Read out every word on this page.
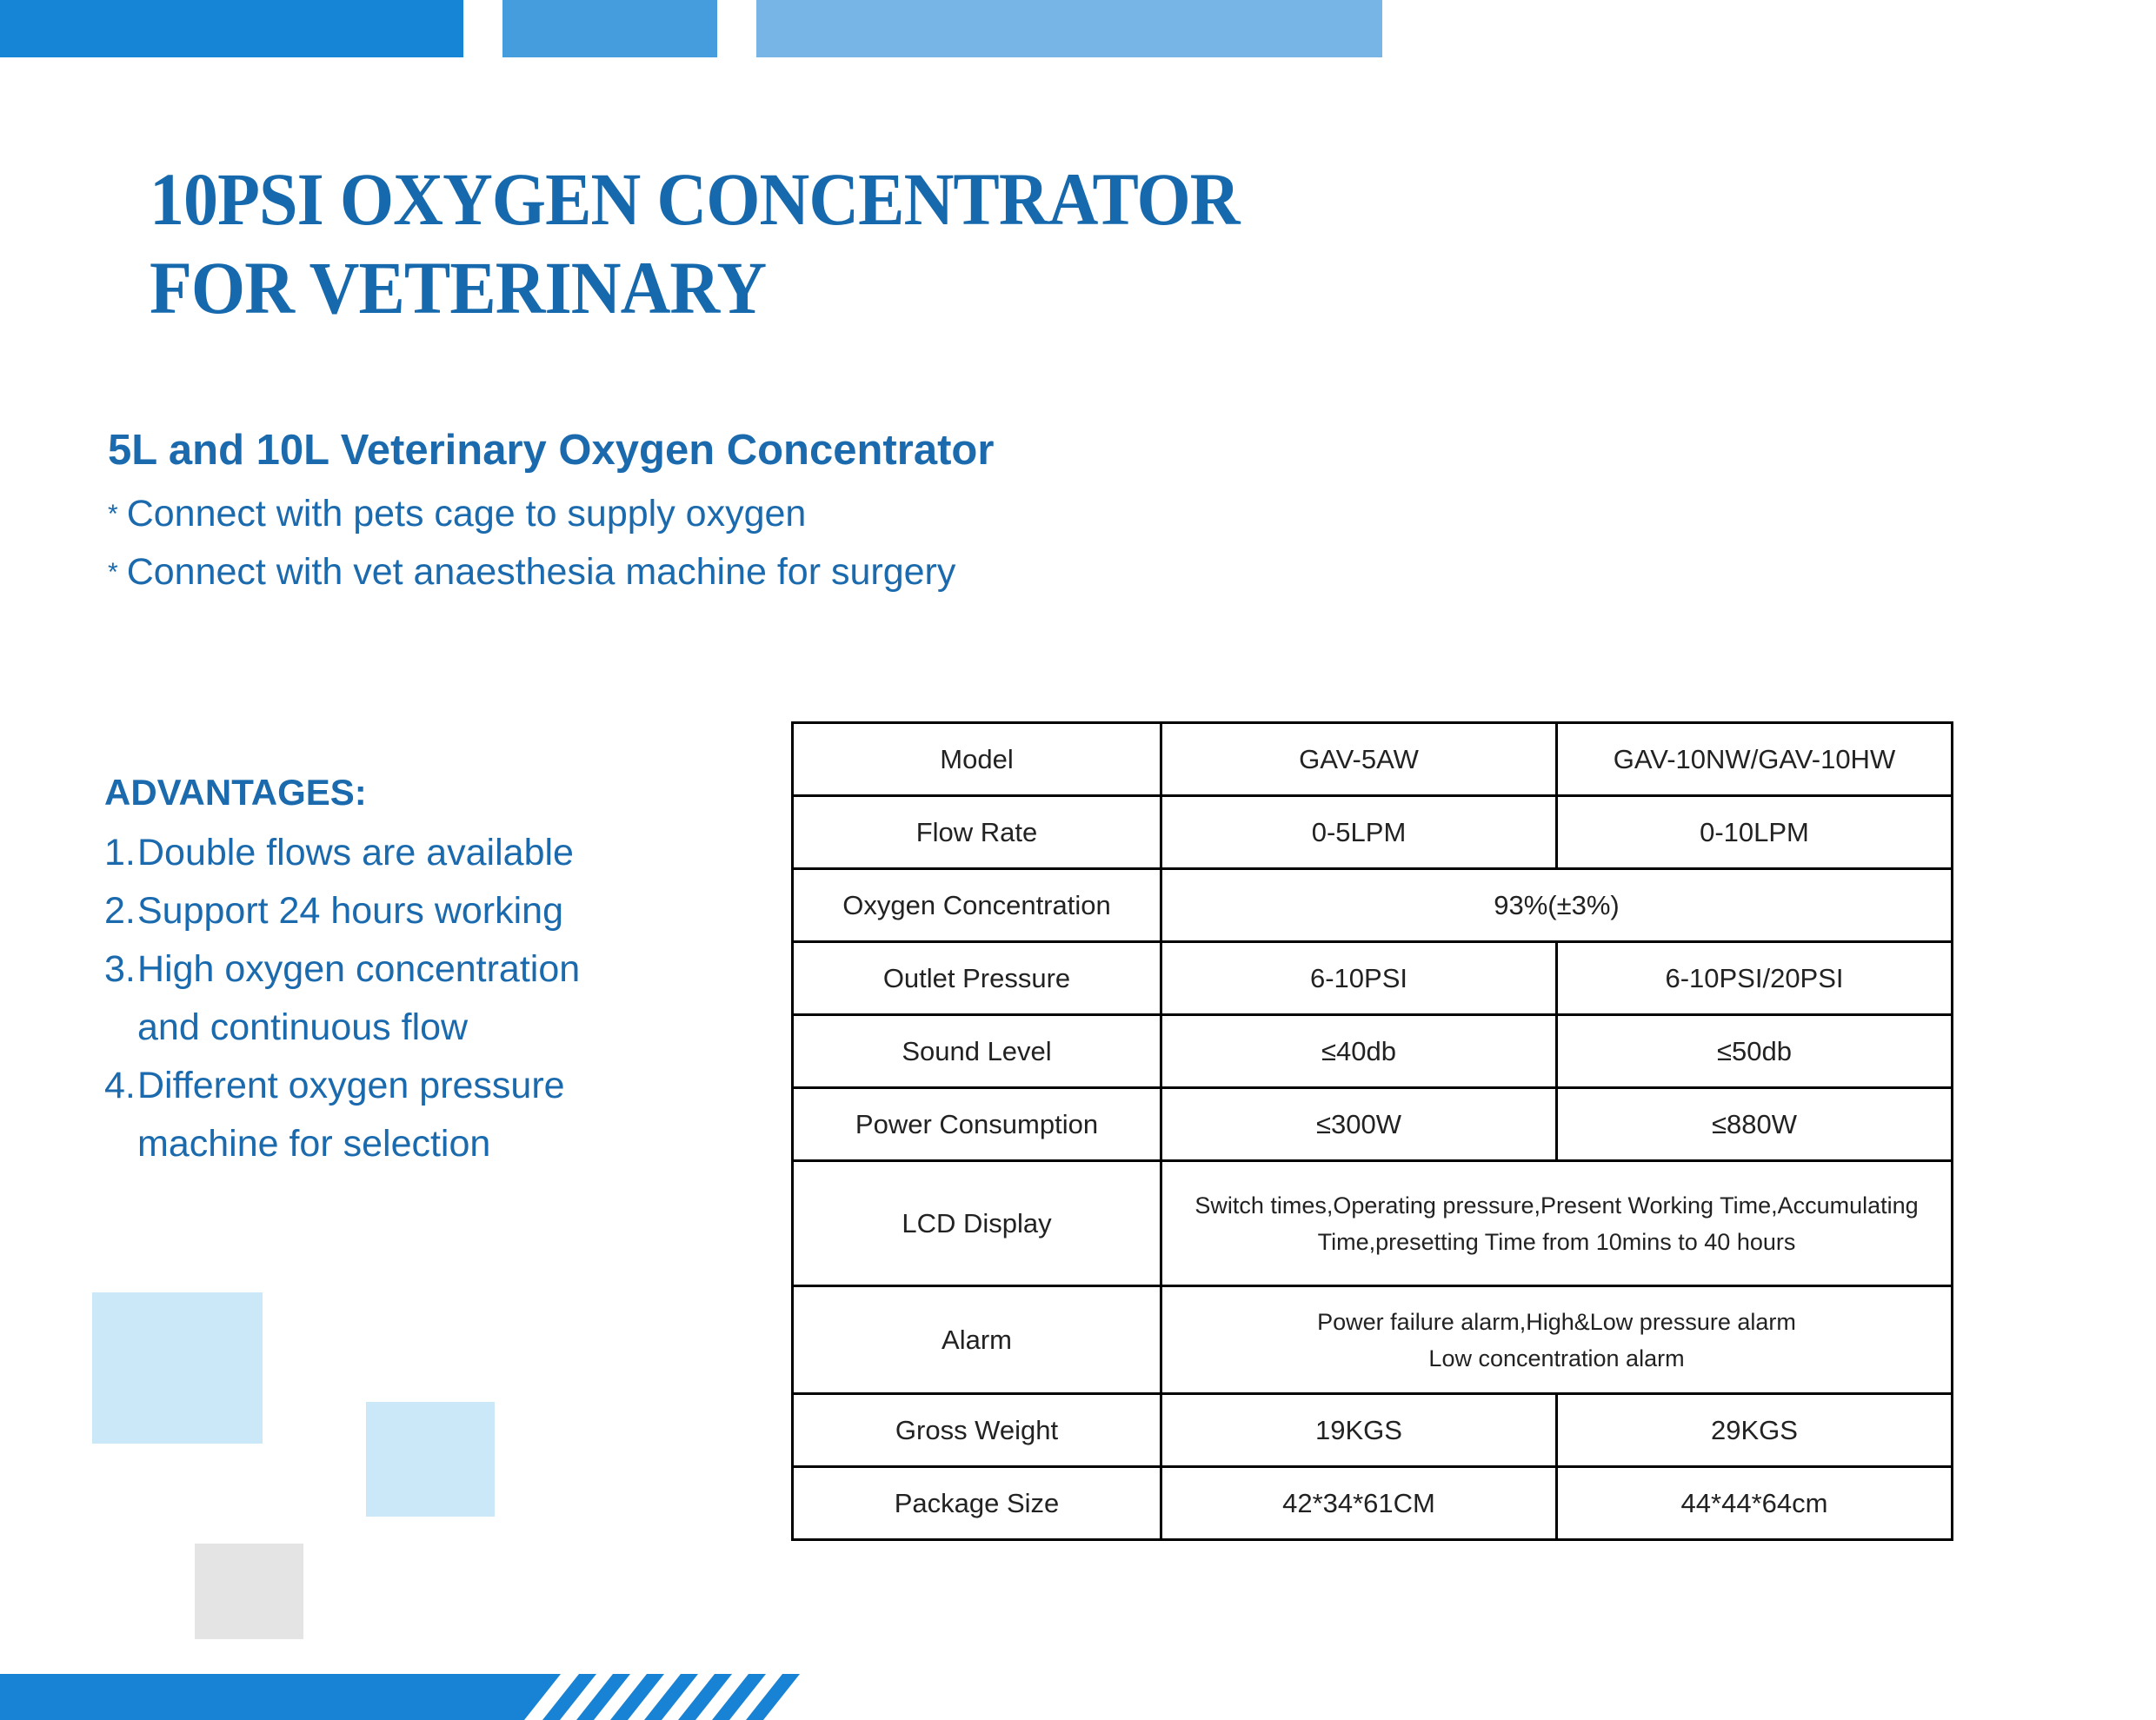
10PSI OXYGEN CONCENTRATOR
FOR VETERINARY
5L and 10L Veterinary Oxygen Concentrator
* Connect with pets cage to supply oxygen
* Connect with vet anaesthesia machine for surgery
ADVANTAGES:
1.Double flows are available
2.Support 24 hours working
3.High oxygen concentration
and continuous flow
4.Different oxygen pressure
machine for selection
Model	GAV-5AW	GAV-10NW/GAV-10HW
Flow Rate	0-5LPM	0-10LPM
Oxygen Concentration	93%(±3%)	
Outlet Pressure	6-10PSI	6-10PSI/20PSI
Sound Level	≤40db	≤50db
Power Consumption	≤300W	≤880W
LCD Display	Switch times,Operating pressure,Present Working Time,Accumulating
Time,presetting Time from 10mins to 40 hours	

Alarm	Power failure alarm,High&Low pressure alarm
Low concentration alarm	

Gross Weight	19KGS	29KGS
Package Size	42*34*61CM	44*44*64cm
